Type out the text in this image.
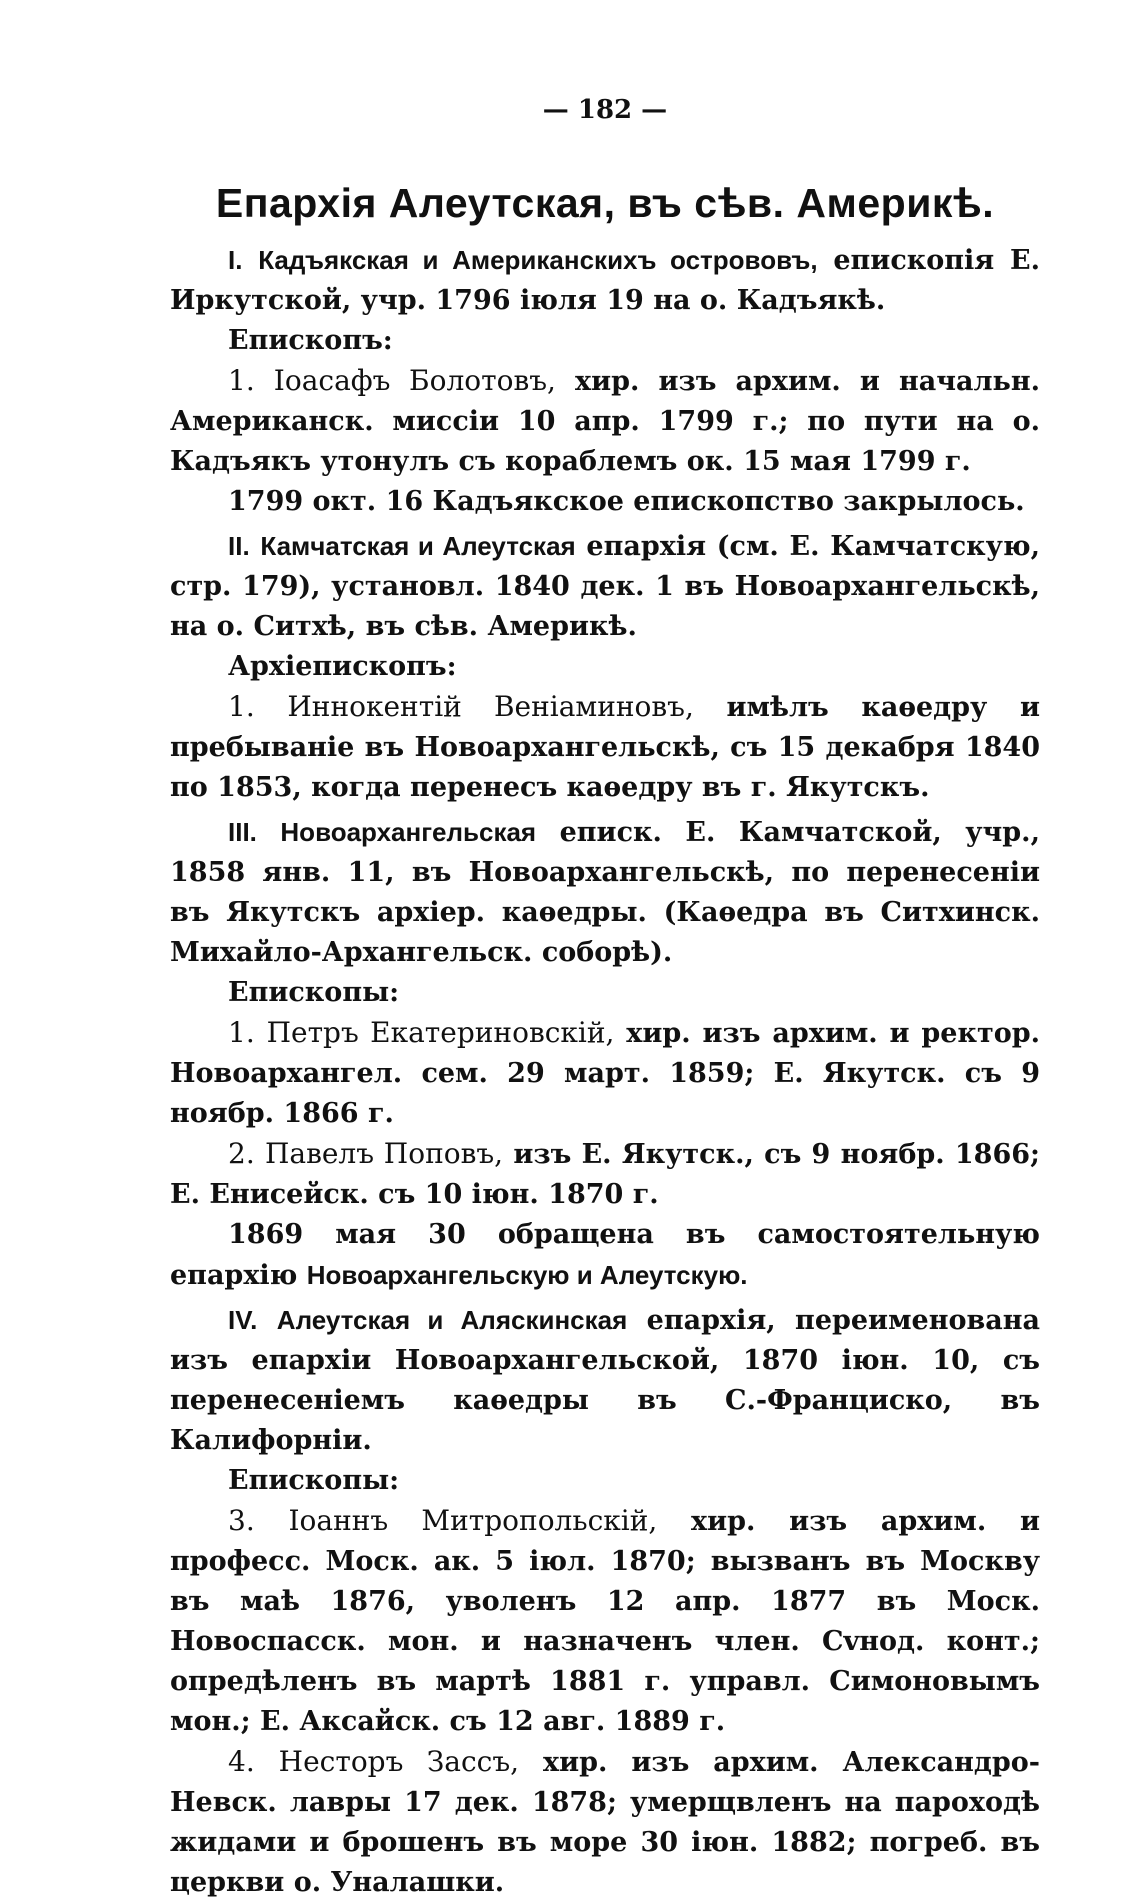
— 182 —
Епархія Алеутская, въ сѣв. Америкѣ.

I. Кадъякская и Американскихъ острововъ, епископія Е. Иркутской, учр. 1796 іюля 19 на о. Кадъякѣ.

Епископъ:

1. Іоасафъ Болотовъ, хир. изъ архим. и начальн. Американск. миссіи 10 апр. 1799 г.; по пути на о. Кадъякъ утонулъ съ кораблемъ ок. 15 мая 1799 г.

1799 окт. 16 Кадъякское епископство закрылось.

II. Камчатская и Алеутская епархія (см. Е. Камчатскую, стр. 179), установл. 1840 дек. 1 въ Новоархангельскѣ, на о. Ситхѣ, въ сѣв. Америкѣ.

Архіепископъ:

1. Иннокентій Веніаминовъ, имѣлъ каѳедру и пребываніе въ Новоархангельскѣ, съ 15 декабря 1840 по 1853, когда перенесъ каѳедру въ г. Якутскъ.

III. Новоархангельская еписк. Е. Камчатской, учр., 1858 янв. 11, въ Новоархангельскѣ, по перенесеніи въ Якутскъ архіер. каѳедры. (Каѳедра въ Ситхинск. Михайло-Архангельск. соборѣ).

Епископы:

1. Петръ Екатериновскій, хир. изъ архим. и ректор. Новоархангел. сем. 29 март. 1859; Е. Якутск. съ 9 ноябр. 1866 г.

2. Павелъ Поповъ, изъ Е. Якутск., съ 9 ноябр. 1866; Е. Енисейск. съ 10 іюн. 1870 г.

1869 мая 30 обращена въ самостоятельную епархію Новоархангельскую и Алеутскую.

IV. Алеутская и Аляскинская епархія, переименована изъ епархіи Новоархангельской, 1870 іюн. 10, съ перенесеніемъ каѳедры въ С.-Франциско, въ Калифорніи.

Епископы:

3. Іоаннъ Митропольскій, хир. изъ архим. и професс. Моск. ак. 5 іюл. 1870; вызванъ въ Москву въ маѣ 1876, уволенъ 12 апр. 1877 въ Моск. Новоспасск. мон. и назначенъ член. Сvнод. конт.; опредѣленъ въ мартѣ 1881 г. управл. Симоновымъ мон.; Е. Аксайск. съ 12 авг. 1889 г.

4. Несторъ Зассъ, хир. изъ архим. Александро-Невск. лавры 17 дек. 1878; умерщвленъ на пароходѣ жидами и брошенъ въ море 30 іюн. 1882; погреб. въ церкви о. Уналашки.
